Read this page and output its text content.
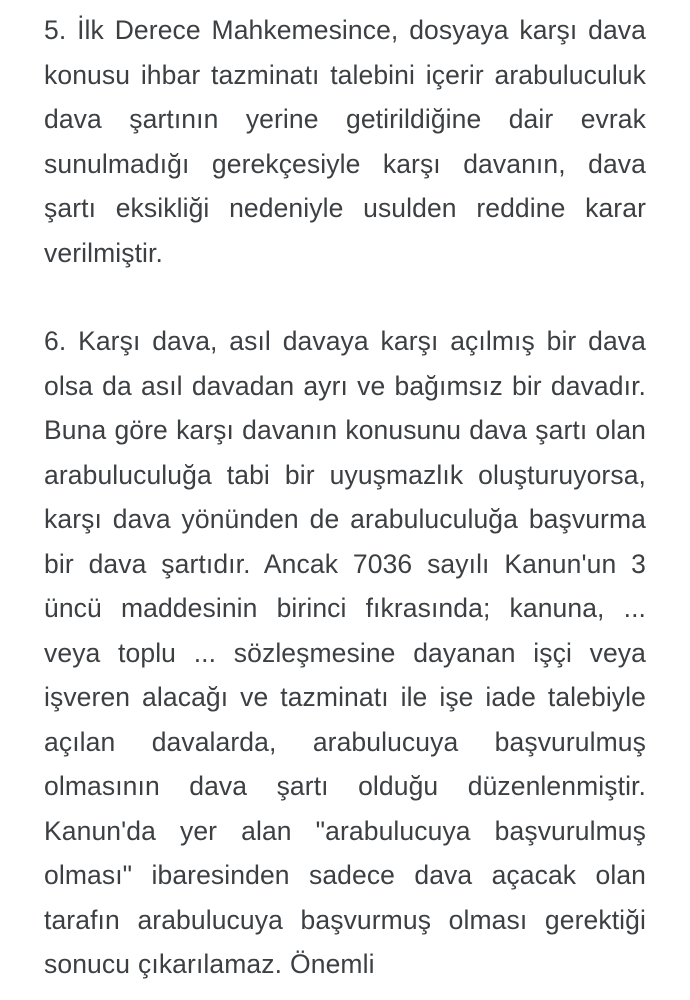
5. İlk Derece Mahkemesince, dosyaya karşı dava konusu ihbar tazminatı talebini içerir arabuluculuk dava şartının yerine getirildiğine dair evrak sunulmadığı gerekçesiyle karşı davanın, dava şartı eksikliği nedeniyle usulden reddine karar verilmiştir.

6. Karşı dava, asıl davaya karşı açılmış bir dava olsa da asıl davadan ayrı ve bağımsız bir davadır. Buna göre karşı davanın konusunu dava şartı olan arabuluculuğa tabi bir uyuşmazlık oluşturuyorsa, karşı dava yönünden de arabuluculuğa başvurma bir dava şartıdır. Ancak 7036 sayılı Kanun'un 3 üncü maddesinin birinci fıkrasında; kanuna, ... veya toplu ... sözleşmesine dayanan işçi veya işveren alacağı ve tazminatı ile işe iade talebiyle açılan davalarda, arabulucuya başvurulmuş olmasının dava şartı olduğu düzenlenmiştir. Kanun'da yer alan "arabulucuya başvurulmuş olması" ibaresinden sadece dava açacak olan tarafın arabulucuya başvurmuş olması gerektiği sonucu çıkarılamaz. Önemli
